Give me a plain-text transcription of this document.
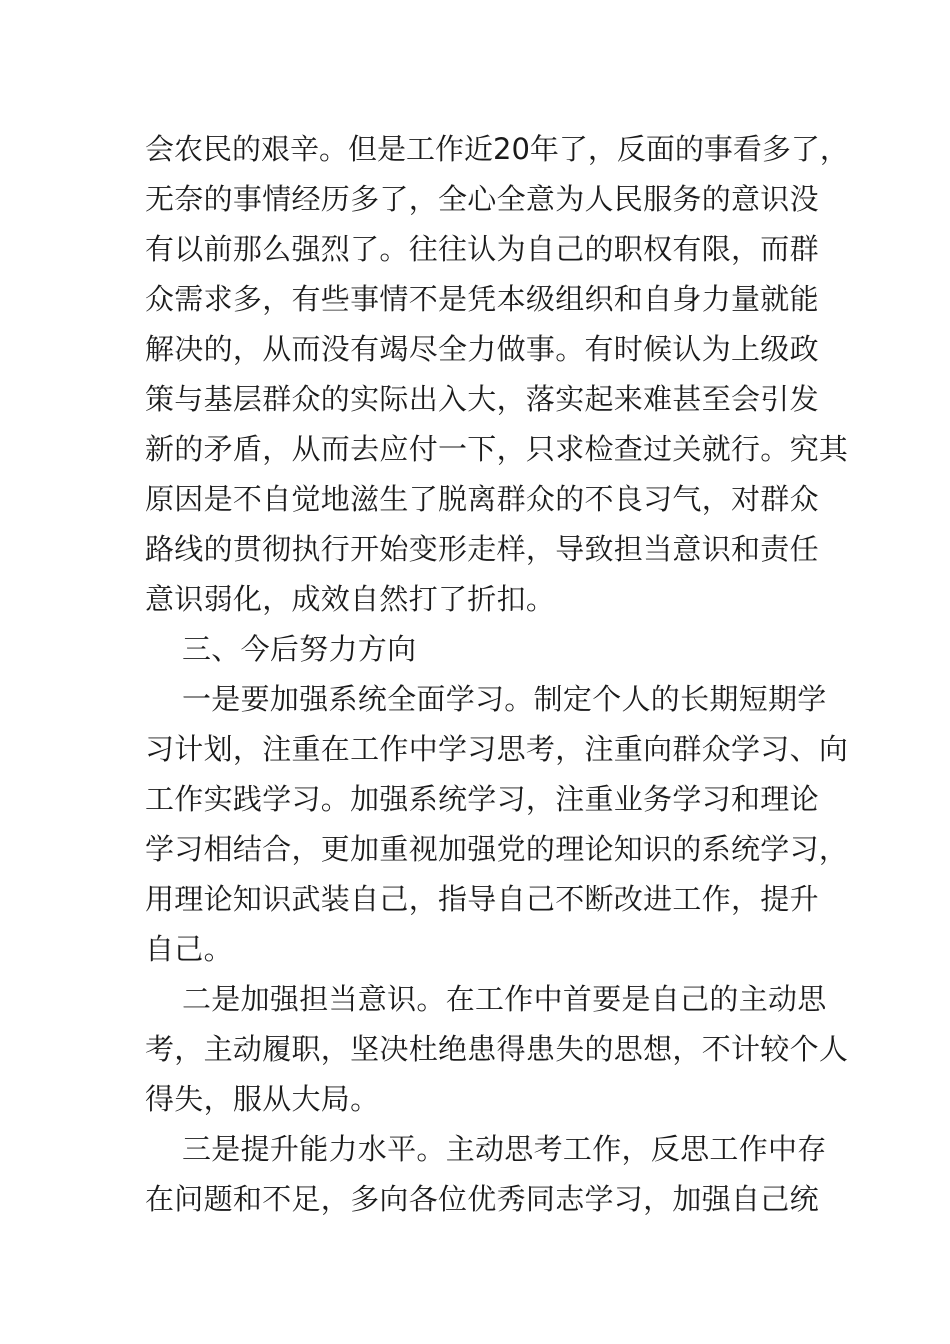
会农民的艰辛。但是工作近20年了，反面的事看多了，
无奈的事情经历多了，全心全意为人民服务的意识没
有以前那么强烈了。往往认为自己的职权有限，而群
众需求多，有些事情不是凭本级组织和自身力量就能
解决的，从而没有竭尽全力做事。有时候认为上级政
策与基层群众的实际出入大，落实起来难甚至会引发
新的矛盾，从而去应付一下，只求检查过关就行。究其
原因是不自觉地滋生了脱离群众的不良习气，对群众
路线的贯彻执行开始变形走样，导致担当意识和责任
意识弱化，成效自然打了折扣。
三、今后努力方向
一是要加强系统全面学习。制定个人的长期短期学
习计划，注重在工作中学习思考，注重向群众学习、向
工作实践学习。加强系统学习，注重业务学习和理论
学习相结合，更加重视加强党的理论知识的系统学习，
用理论知识武装自己，指导自己不断改进工作，提升
自己。
二是加强担当意识。在工作中首要是自己的主动思
考，主动履职，坚决杜绝患得患失的思想，不计较个人
得失，服从大局。
三是提升能力水平。主动思考工作，反思工作中存
在问题和不足，多向各位优秀同志学习，加强自己统
